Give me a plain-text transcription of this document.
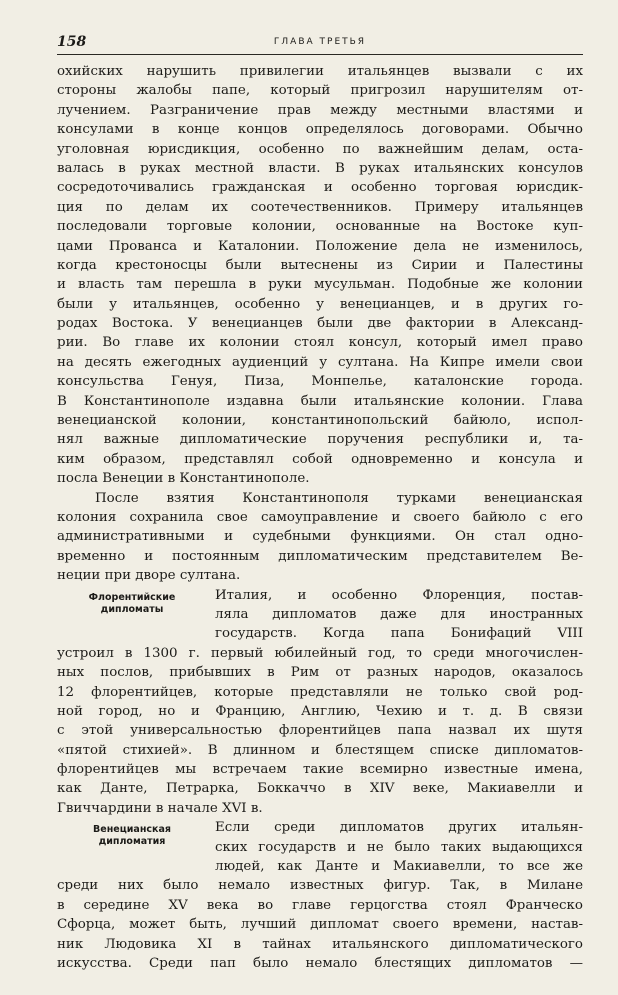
158	ГЛАВА ТРЕТЬЯ
охийских нарушить привилегии итальянцев вызвали с их
стороны жалобы папе, который пригрозил нарушителям от-
лучением. Разграничение прав между местными властями и
консулами в конце концов определялось договорами. Обычно
уголовная юрисдикция, особенно по важнейшим делам, оста-
валась в руках местной власти. В руках итальянских консулов
сосредоточивались гражданская и особенно торговая юрисдик-
ция по делам их соотечественников. Примеру итальянцев
последовали торговые колонии, основанные на Востоке куп-
цами Прованса и Каталонии. Положение дела не изменилось,
когда крестоносцы были вытеснены из Сирии и Палестины
и власть там перешла в руки мусульман. Подобные же колонии
были у итальянцев, особенно у венецианцев, и в других го-
родах Востока. У венецианцев были две фактории в Александ-
рии. Во главе их колонии стоял консул, который имел право
на десять ежегодных аудиенций у султана. На Кипре имели свои
консульства Генуя, Пиза, Монпелье, каталонские города.
В Константинополе издавна были итальянские колонии. Глава
венецианской колонии, константинопольский байюло, испол-
нял важные дипломатические поручения республики и, та-
ким образом, представлял собой одновременно и консула и
посла Венеции в Константинополе.
После взятия Константинополя турками венецианская
колония сохранила свое самоуправление и своего байюло с его
административными и судебными функциями. Он стал одно-
временно и постоянным дипломатическим представителем Ве-
неции при дворе султана.
Флорентийские
дипломаты
Италия, и особенно Флоренция, постав-
ляла дипломатов даже для иностранных
государств. Когда папа Бонифаций VIII
устроил в 1300 г. первый юбилейный год, то среди многочислен-
ных послов, прибывших в Рим от разных народов, оказалось
12 флорентийцев, которые представляли не только свой род-
ной город, но и Францию, Англию, Чехию и т. д. В связи
с этой универсальностью флорентийцев папа назвал их шутя
«пятой стихией». В длинном и блестящем списке дипломатов-
флорентийцев мы встречаем такие всемирно известные имена,
как Данте, Петрарка, Боккаччо в XIV веке, Макиавелли и
Гвиччардини в начале XVI в.
Венецианская
дипломатия
Если среди дипломатов других итальян-
ских государств и не было таких выдающихся
людей, как Данте и Макиавелли, то все же
среди них было немало известных фигур. Так, в Милане
в середине XV века во главе герцогства стоял Франческо
Сфорца, может быть, лучший дипломат своего времени, настав-
ник Людовика XI в тайнах итальянского дипломатического
искусства. Среди пап было немало блестящих дипломатов —
